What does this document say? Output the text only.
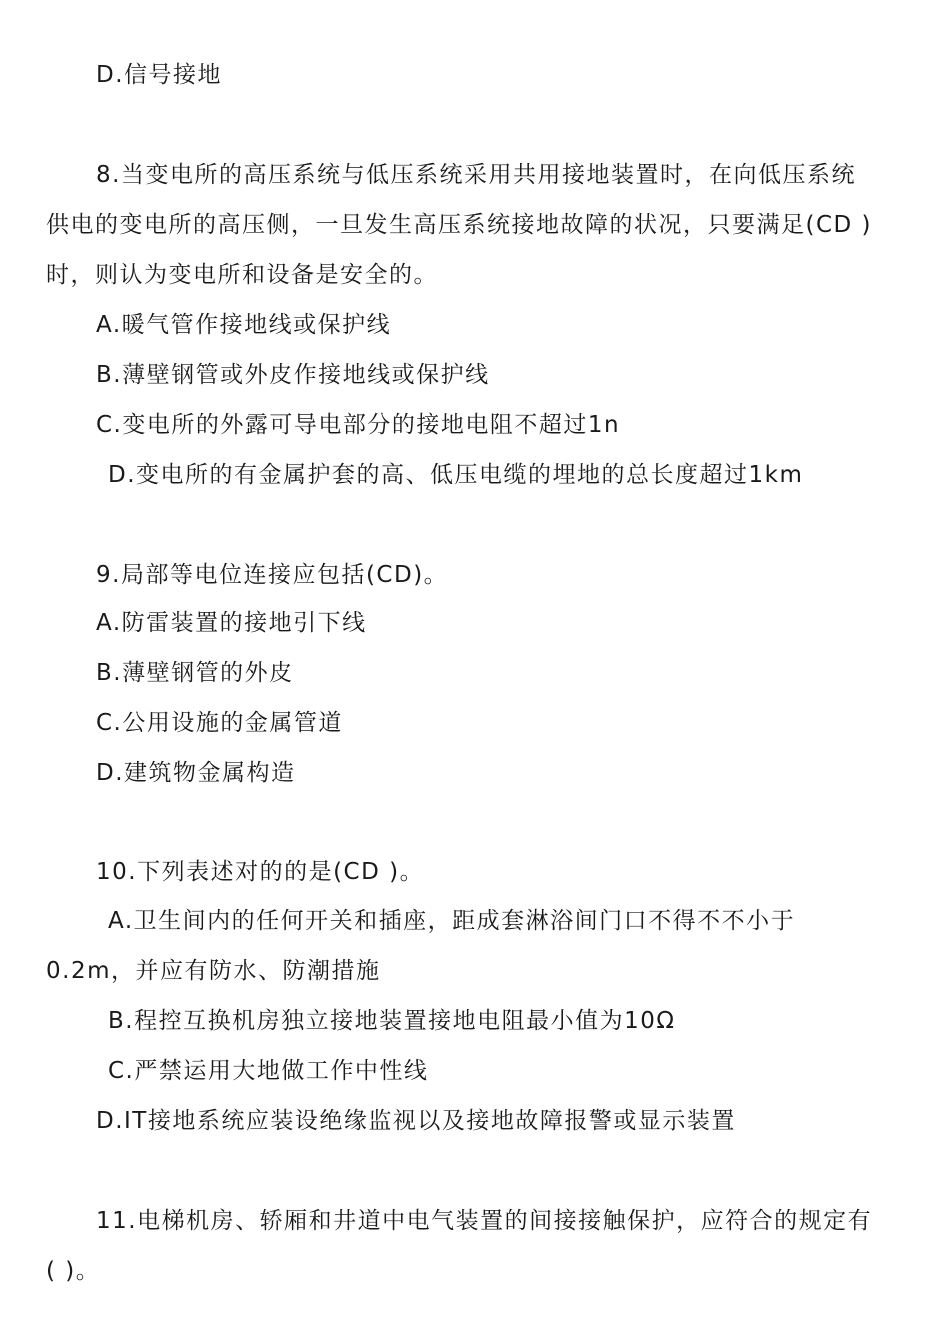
D.信号接地
8.当变电所的高压系统与低压系统采用共用接地装置时，在向低压系统
供电的变电所的高压侧，一旦发生高压系统接地故障的状况，只要满足(CD )
时，则认为变电所和设备是安全的。
A.暖气管作接地线或保护线
B.薄壁钢管或外皮作接地线或保护线
C.变电所的外露可导电部分的接地电阻不超过1n
D.变电所的有金属护套的高、低压电缆的埋地的总长度超过1km
9.局部等电位连接应包括(CD)。
A.防雷装置的接地引下线
B.薄壁钢管的外皮
C.公用设施的金属管道
D.建筑物金属构造
10.下列表述对的的是(CD )。
A.卫生间内的任何开关和插座，距成套淋浴间门口不得不不小于
0.2m，并应有防水、防潮措施
B.程控互换机房独立接地装置接地电阻最小值为10Ω
C.严禁运用大地做工作中性线
D.IT接地系统应装设绝缘监视以及接地故障报警或显示装置
11.电梯机房、轿厢和井道中电气装置的间接接触保护，应符合的规定有
( )。
